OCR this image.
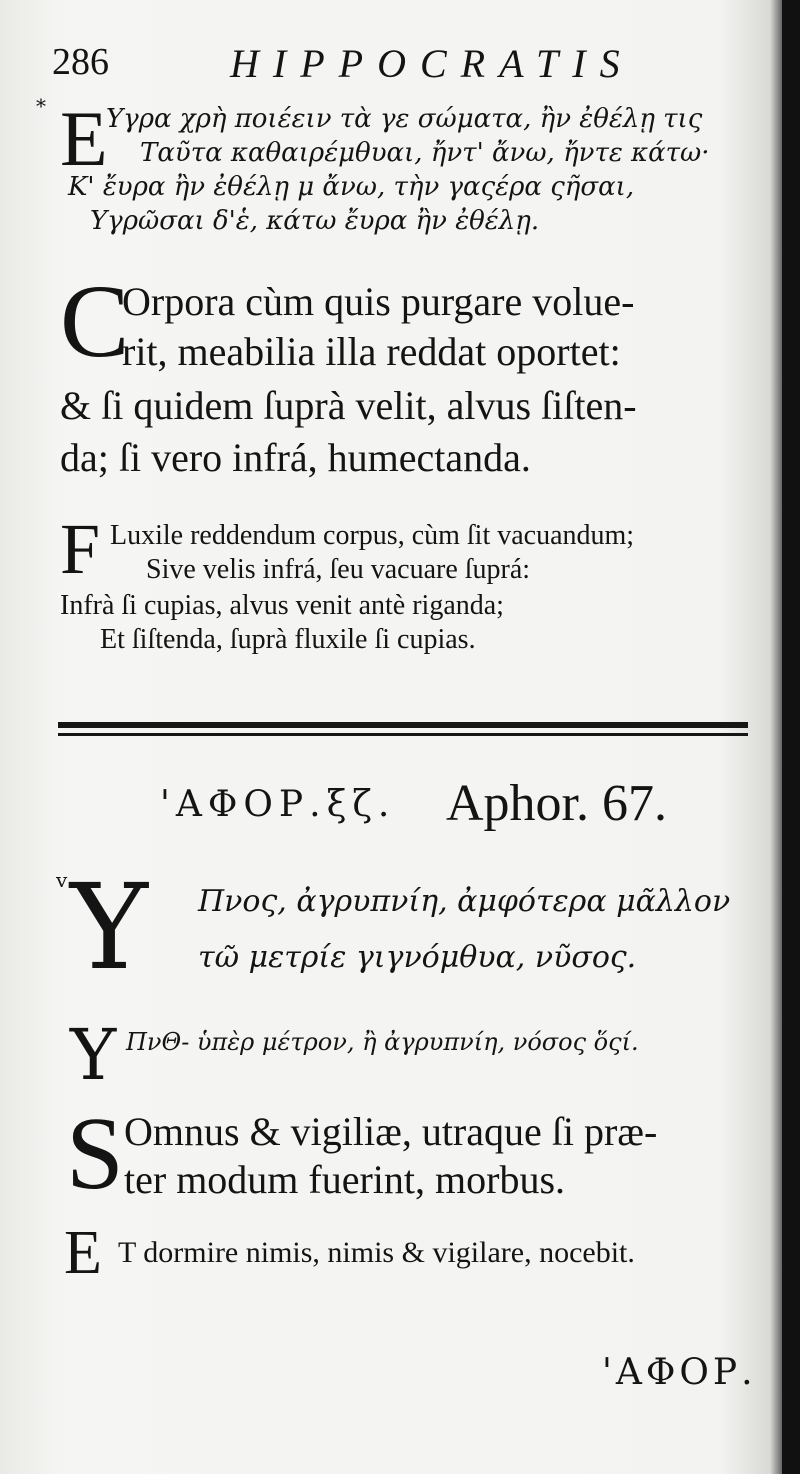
286	HIPPOCRATIS
* E
Υγρα χρὴ ποιέειν τὰ γε σώματα, ἢν ἐθέλῃ τις
Ταῦτα καθαιρέμθυαι, ἤντ' ἄνω, ἤντε κάτω·
Κ' ἔυρα ἢν ἐθέλῃ μ ἄνω, τὴν γαςέρα ςῆσαι,
Υγρῶσαι δ'ἑ, κάτω ἔυρα ἢν ἐθέλῃ.
C
Orpora cùm quis purgare volue-
rit, meabilia illa reddat oportet:
& ſi quidem ſuprà velit, alvus ſiſten-
da; ſi vero infrá, humectanda.
F Luxile reddendum corpus, cùm ſit vacuandum;
Sive velis infrá, ſeu vacuare ſuprá:
Infrà ſi cupias, alvus venit antè riganda;
Et ſiſtenda, ſuprà fluxile ſi cupias.
'ΑΦΟΡ.ξζ. Aphor. 67.
v Υ Πνος, ἀγρυπνίη, ἀμφότερα μᾶλλον
τῶ μετρίε γιγνόμθυα, νῦσος.
Υ ΠνΘ- ὑπὲρ μέτρον, ἢ ἀγρυπνίη, νόσος ὅςί.
S Omnus & vigiliæ, utraque ſi præ-
ter modum fuerint, morbus.
E T dormire nimis, nimis & vigilare, nocebit.
'ΑΦΟΡ.
